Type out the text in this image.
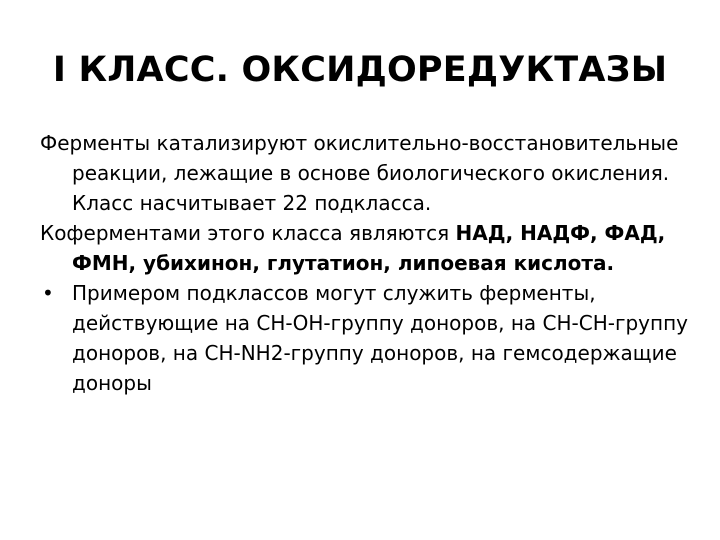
I КЛАСС. ОКСИДОРЕДУКТАЗЫ

Ферменты катализируют окислительно-восстановительные реакции, лежащие в основе биологического окисления. Класс насчитывает 22 подкласса.

Коферментами этого класса являются НАД, НАДФ, ФАД, ФМН, убихинон, глутатион, липоевая кислота.

• Примером подклассов могут служить ферменты, действующие на СН-ОН-группу доноров, на СН-СН-группу доноров, на CH-NH2-группу доноров, на гемсодержащие доноры
